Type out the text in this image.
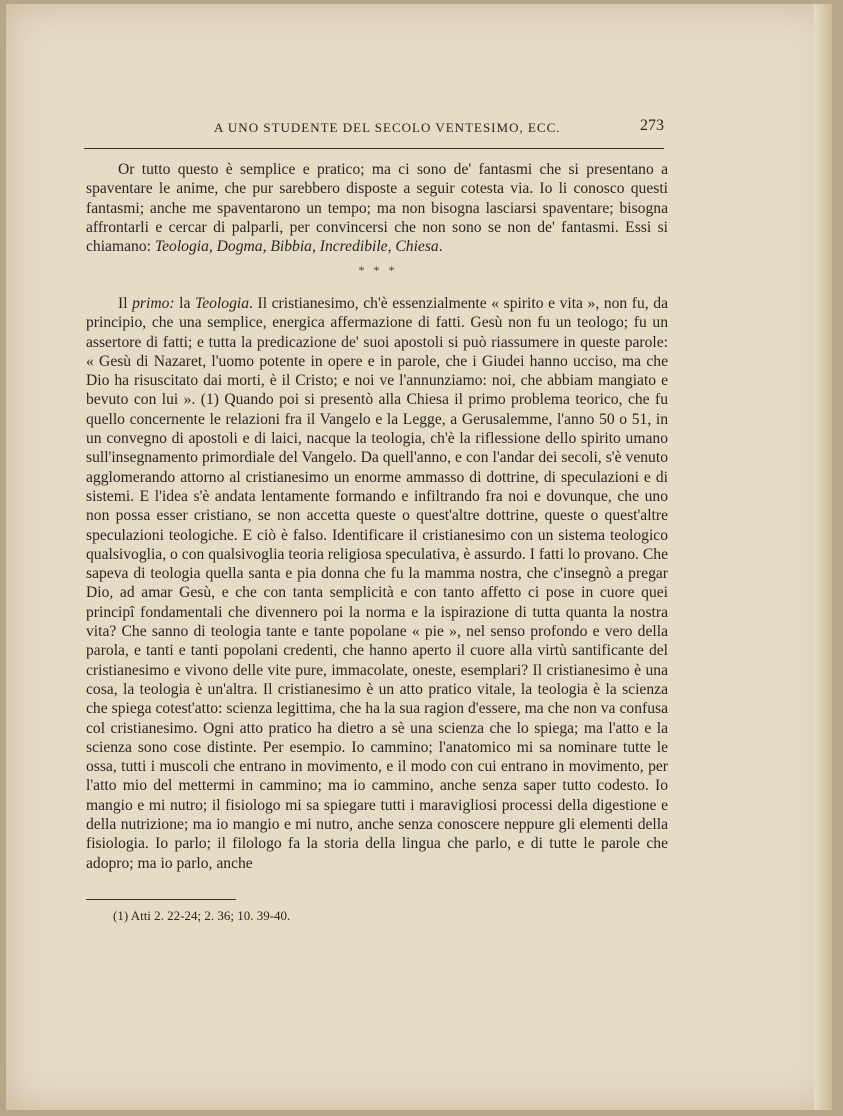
A UNO STUDENTE DEL SECOLO VENTESIMO, ECC.	273

Or tutto questo è semplice e pratico; ma ci sono de' fantasmi che si presentano a spaventare le anime, che pur sarebbero disposte a seguir cotesta via. Io li conosco questi fantasmi; anche me spaventarono un tempo; ma non bisogna lasciarsi spaventare; bisogna affrontarli e cercar di palparli, per convincersi che non sono se non de' fantasmi. Essi si chiamano: Teologia, Dogma, Bibbia, Incredibile, Chiesa.

* * *

Il primo: la Teologia. Il cristianesimo, ch'è essenzialmente « spirito e vita », non fu, da principio, che una semplice, energica affermazione di fatti. Gesù non fu un teologo; fu un assertore di fatti; e tutta la predicazione de' suoi apostoli si può riassumere in queste parole: « Gesù di Nazaret, l'uomo potente in opere e in parole, che i Giudei hanno ucciso, ma che Dio ha risuscitato dai morti, è il Cristo; e noi ve l'annunziamo: noi, che abbiam mangiato e bevuto con lui ». (1) Quando poi si presentò alla Chiesa il primo problema teorico, che fu quello concernente le relazioni fra il Vangelo e la Legge, a Gerusalemme, l'anno 50 o 51, in un convegno di apostoli e di laici, nacque la teologia, ch'è la riflessione dello spirito umano sull'insegnamento primordiale del Vangelo. Da quell'anno, e con l'andar dei secoli, s'è venuto agglomerando attorno al cristianesimo un enorme ammasso di dottrine, di speculazioni e di sistemi. E l'idea s'è andata lentamente formando e infiltrando fra noi e dovunque, che uno non possa esser cristiano, se non accetta queste o quest'altre dottrine, queste o quest'altre speculazioni teologiche. E ciò è falso. Identificare il cristianesimo con un sistema teologico qualsivoglia, o con qualsivoglia teoria religiosa speculativa, è assurdo. I fatti lo provano. Che sapeva di teologia quella santa e pia donna che fu la mamma nostra, che c'insegnò a pregar Dio, ad amar Gesù, e che con tanta semplicità e con tanto affetto ci pose in cuore quei principî fondamentali che divennero poi la norma e la ispirazione di tutta quanta la nostra vita? Che sanno di teologia tante e tante popolane « pie », nel senso profondo e vero della parola, e tanti e tanti popolani credenti, che hanno aperto il cuore alla virtù santificante del cristianesimo e vivono delle vite pure, immacolate, oneste, esemplari? Il cristianesimo è una cosa, la teologia è un'altra. Il cristianesimo è un atto pratico vitale, la teologia è la scienza che spiega cotest'atto: scienza legittima, che ha la sua ragion d'essere, ma che non va confusa col cristianesimo. Ogni atto pratico ha dietro a sè una scienza che lo spiega; ma l'atto e la scienza sono cose distinte. Per esempio. Io cammino; l'anatomico mi sa nominare tutte le ossa, tutti i muscoli che entrano in movimento, e il modo con cui entrano in movimento, per l'atto mio del mettermi in cammino; ma io cammino, anche senza saper tutto codesto. Io mangio e mi nutro; il fisiologo mi sa spiegare tutti i maravigliosi processi della digestione e della nutrizione; ma io mangio e mi nutro, anche senza conoscere neppure gli elementi della fisiologia. Io parlo; il filologo fa la storia della lingua che parlo, e di tutte le parole che adopro; ma io parlo, anche

(1) Atti 2. 22-24; 2. 36; 10. 39-40.
